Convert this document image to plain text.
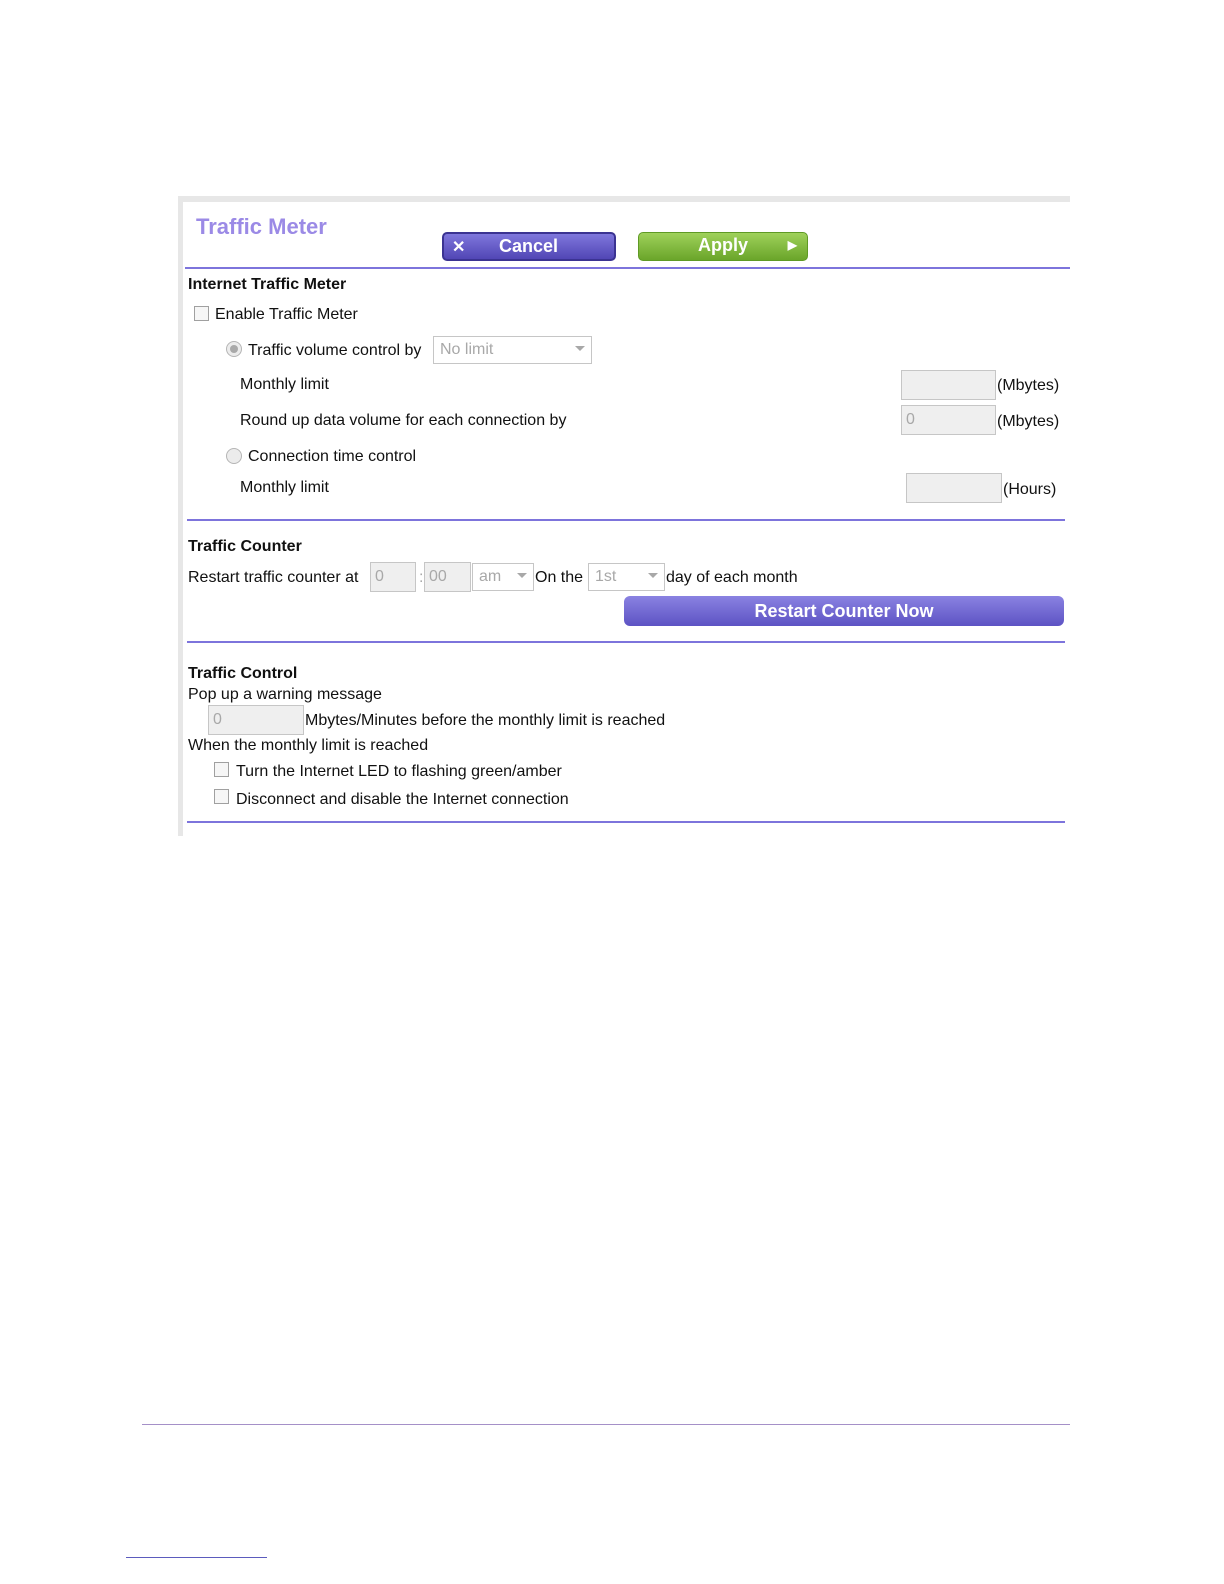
Traffic Meter
✕ Cancel	Apply	▶
Internet Traffic Meter
Enable Traffic Meter
Traffic volume control by	No limit
Monthly limit	(Mbytes)
Round up data volume for each connection by	0	(Mbytes)
Connection time control
Monthly limit	(Hours)
Traffic Counter
Restart traffic counter at	0	: 00	am	On the 1st	day of each month
Restart Counter Now
Traffic Control
Pop up a warning message
0	Mbytes/Minutes before the monthly limit is reached
When the monthly limit is reached
Turn the Internet LED to flashing green/amber
Disconnect and disable the Internet connection
